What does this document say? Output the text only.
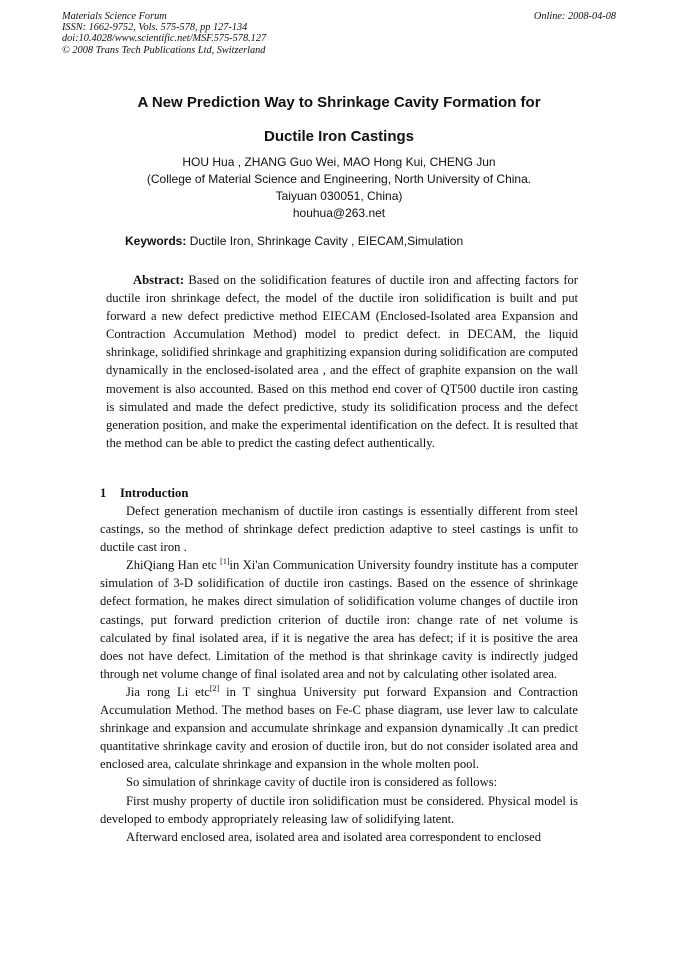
Materials Science Forum
ISSN: 1662-9752, Vols. 575-578, pp 127-134
doi:10.4028/www.scientific.net/MSF.575-578.127
© 2008 Trans Tech Publications Ltd, Switzerland
Online: 2008-04-08
A New Prediction Way to Shrinkage Cavity Formation for
Ductile Iron Castings
HOU Hua , ZHANG Guo Wei, MAO Hong Kui, CHENG Jun
(College of Material Science and Engineering, North University of China.
Taiyuan 030051, China)
houhua@263.net
Keywords: Ductile Iron, Shrinkage Cavity , EIECAM,Simulation
Abstract: Based on the solidification features of ductile iron and affecting factors for ductile iron shrinkage defect, the model of the ductile iron solidification is built and put forward a new defect predictive method EIECAM (Enclosed-Isolated area Expansion and Contraction Accumulation Method) model to predict defect. in DECAM, the liquid shrinkage, solidified shrinkage and graphitizing expansion during solidification are computed dynamically in the enclosed-isolated area , and the effect of graphite expansion on the wall movement is also accounted. Based on this method end cover of QT500 ductile iron casting is simulated and made the defect predictive, study its solidification process and the defect generation position, and make the experimental identification on the defect. It is resulted that the method can be able to predict the casting defect authentically.
1 Introduction

Defect generation mechanism of ductile iron castings is essentially different from steel castings, so the method of shrinkage defect prediction adaptive to steel castings is unfit to ductile cast iron .

ZhiQiang Han etc [1]in Xi'an Communication University foundry institute has a computer simulation of 3-D solidification of ductile iron castings. Based on the essence of shrinkage defect formation, he makes direct simulation of solidification volume changes of ductile iron castings, put forward prediction criterion of ductile iron: change rate of net volume is calculated by final isolated area, if it is negative the area has defect; if it is positive the area does not have defect. Limitation of the method is that shrinkage cavity is indirectly judged through net volume change of final isolated area and not by calculating other isolated area.

Jia rong Li etc[2] in T singhua University put forward Expansion and Contraction Accumulation Method. The method bases on Fe-C phase diagram, use lever law to calculate shrinkage and expansion and accumulate shrinkage and expansion dynamically .It can predict quantitative shrinkage cavity and erosion of ductile iron, but do not consider isolated area and enclosed area, calculate shrinkage and expansion in the whole molten pool.

So simulation of shrinkage cavity of ductile iron is considered as follows:

First mushy property of ductile iron solidification must be considered. Physical model is developed to embody appropriately releasing law of solidifying latent.

Afterward enclosed area, isolated area and isolated area correspondent to enclosed
